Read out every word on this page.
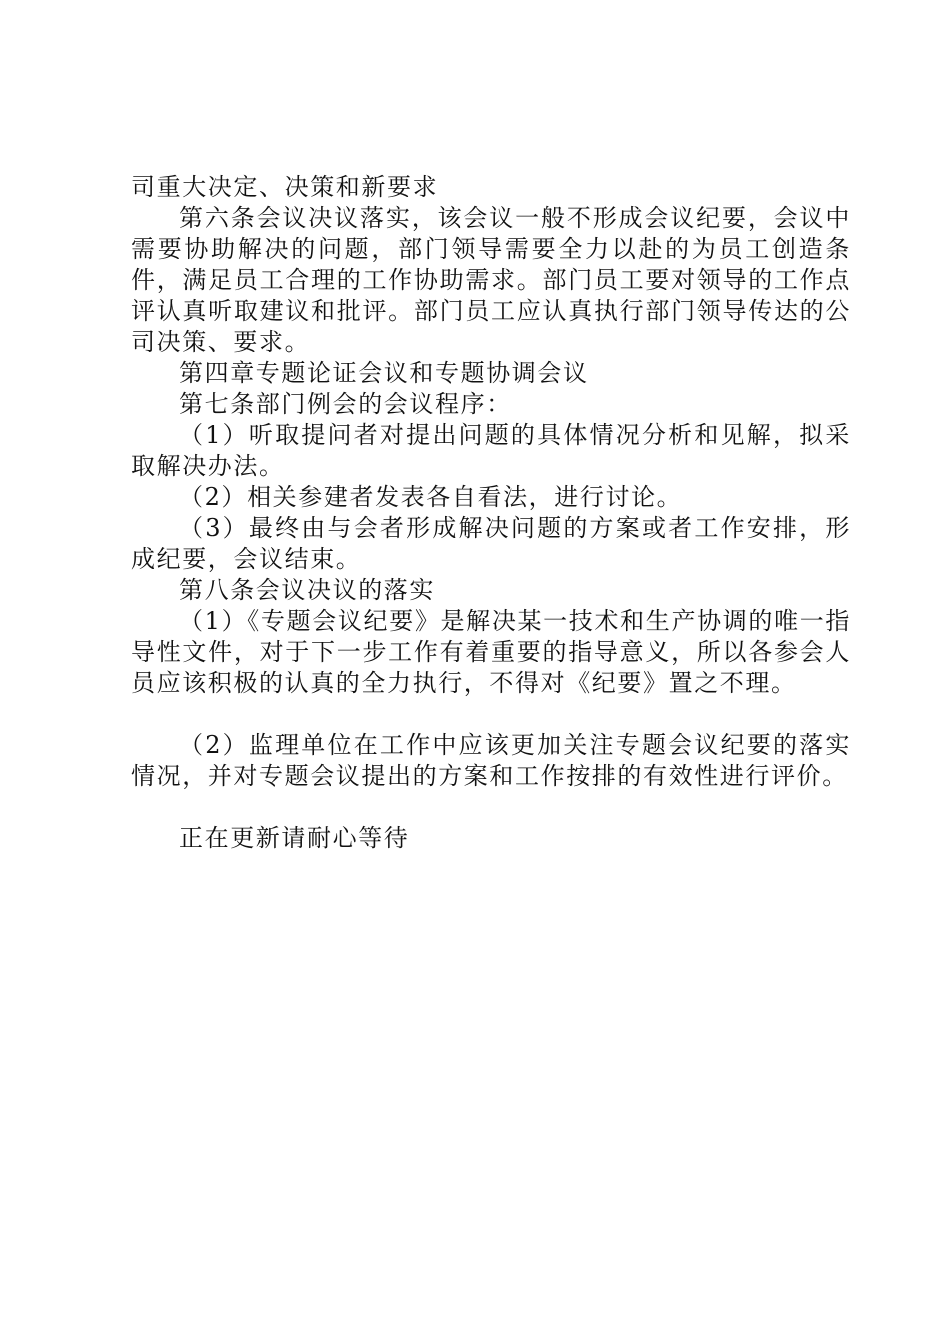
司重大决定、决策和新要求

第六条会议决议落实，该会议一般不形成会议纪要，会议中需要协助解决的问题，部门领导需要全力以赴的为员工创造条件，满足员工合理的工作协助需求。部门员工要对领导的工作点评认真听取建议和批评。部门员工应认真执行部门领导传达的公司决策、要求。

第四章专题论证会议和专题协调会议

第七条部门例会的会议程序：

（1）听取提问者对提出问题的具体情况分析和见解，拟采取解决办法。

（2）相关参建者发表各自看法，进行讨论。

（3）最终由与会者形成解决问题的方案或者工作安排，形成纪要，会议结束。

第八条会议决议的落实

（1）《专题会议纪要》是解决某一技术和生产协调的唯一指导性文件，对于下一步工作有着重要的指导意义，所以各参会人员应该积极的认真的全力执行，不得对《纪要》置之不理。

（2）监理单位在工作中应该更加关注专题会议纪要的落实情况，并对专题会议提出的方案和工作按排的有效性进行评价。

正在更新请耐心等待
